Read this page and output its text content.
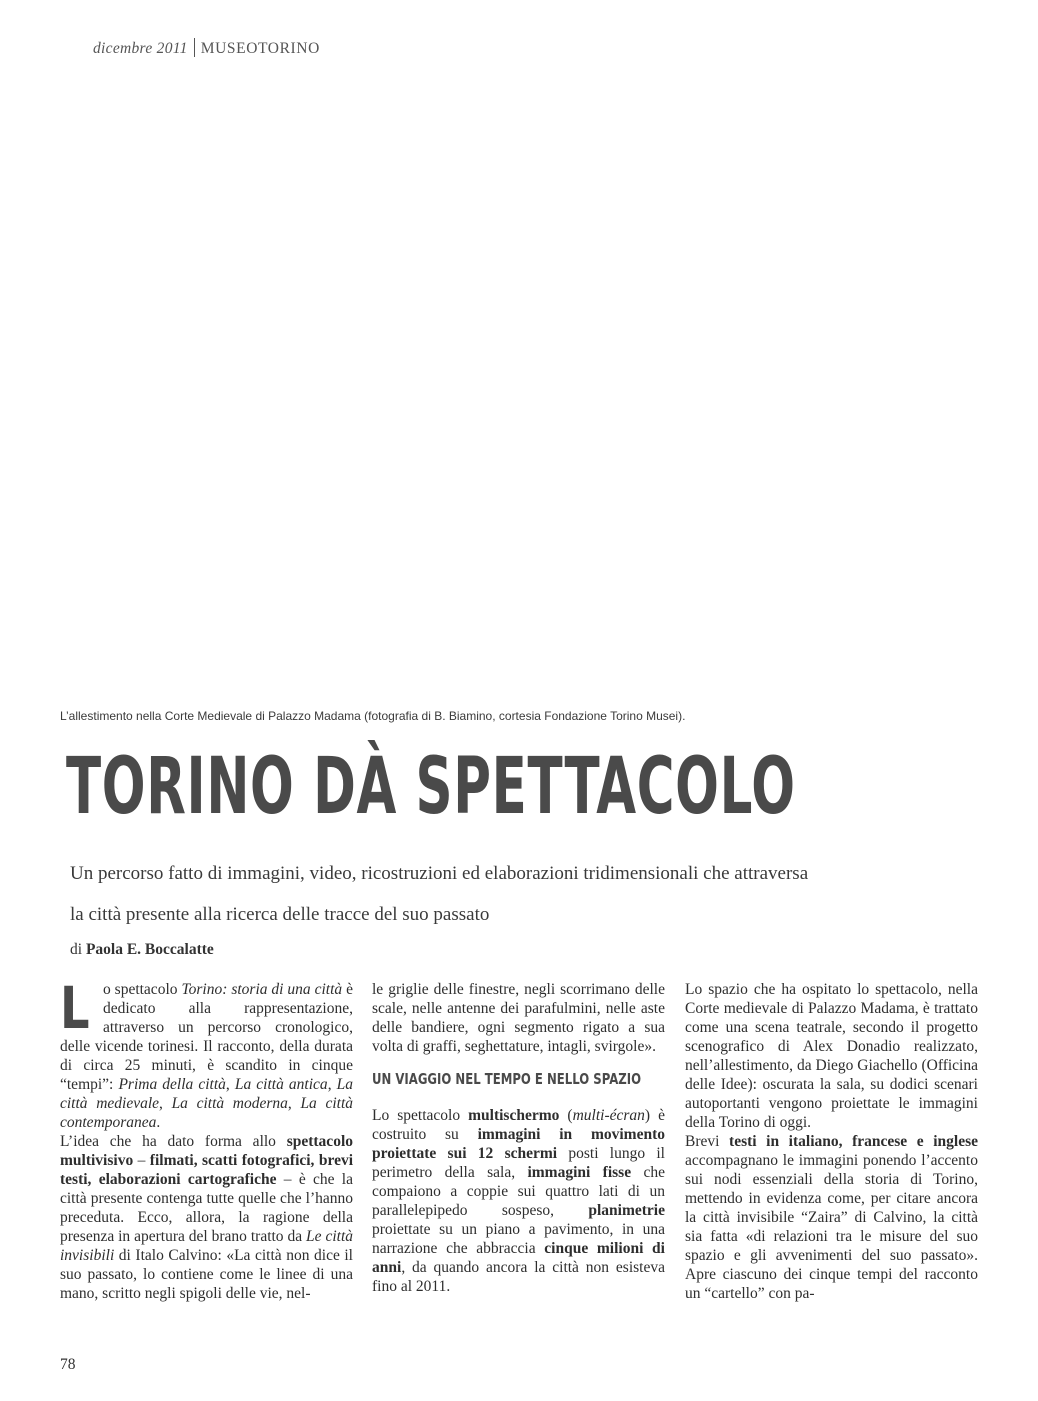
dicembre 2011 MUSEOTORINO
L’allestimento nella Corte Medievale di Palazzo Madama (fotografia di B. Biamino, cortesia Fondazione Torino Musei).
TORINO DÀ SPETTACOLO
Un percorso fatto di immagini, video, ricostruzioni ed elaborazioni tridimensionali che attraversa
la città presente alla ricerca delle tracce del suo passato
di Paola E. Boccalatte

Lo spettacolo Torino: storia di una città è dedicato alla rappresentazione, attraverso un percorso cronologico, delle vicende torinesi. Il racconto, della durata di circa 25 minuti, è scandito in cinque “tempi”: Prima della città, La città antica, La città medievale, La città moderna, La città contemporanea.

L’idea che ha dato forma allo spettacolo multivisivo – filmati, scatti fotografici, brevi testi, elaborazioni cartografiche – è che la città presente contenga tutte quelle che l’hanno preceduta. Ecco, allora, la ragione della presenza in apertura del brano tratto da Le città invisibili di Italo Calvino: «La città non dice il suo passato, lo contiene come le linee di una mano, scritto negli spigoli delle vie, nel-

le griglie delle finestre, negli scorrimano delle scale, nelle antenne dei parafulmini, nelle aste delle bandiere, ogni segmento rigato a sua volta di graffi, seghettature, intagli, svirgole».

UN VIAGGIO NEL TEMPO E NELLO SPAZIO

Lo spettacolo multischermo (multi-écran) è costruito su immagini in movimento proiettate sui 12 schermi posti lungo il perimetro della sala, immagini fisse che compaiono a coppie sui quattro lati di un parallelepipedo sospeso, planimetrie proiettate su un piano a pavimento, in una narrazione che abbraccia cinque milioni di anni, da quando ancora la città non esisteva fino al 2011.

Lo spazio che ha ospitato lo spettacolo, nella Corte medievale di Palazzo Madama, è trattato come una scena teatrale, secondo il progetto scenografico di Alex Donadio realizzato, nell’allestimento, da Diego Giachello (Officina delle Idee): oscurata la sala, su dodici scenari autoportanti vengono proiettate le immagini della Torino di oggi.

Brevi testi in italiano, francese e inglese accompagnano le immagini ponendo l’accento sui nodi essenziali della storia di Torino, mettendo in evidenza come, per citare ancora la città invisibile “Zaira” di Calvino, la città sia fatta «di relazioni tra le misure del suo spazio e gli avvenimenti del suo passato». Apre ciascuno dei cinque tempi del racconto un “cartello” con pa-

78
